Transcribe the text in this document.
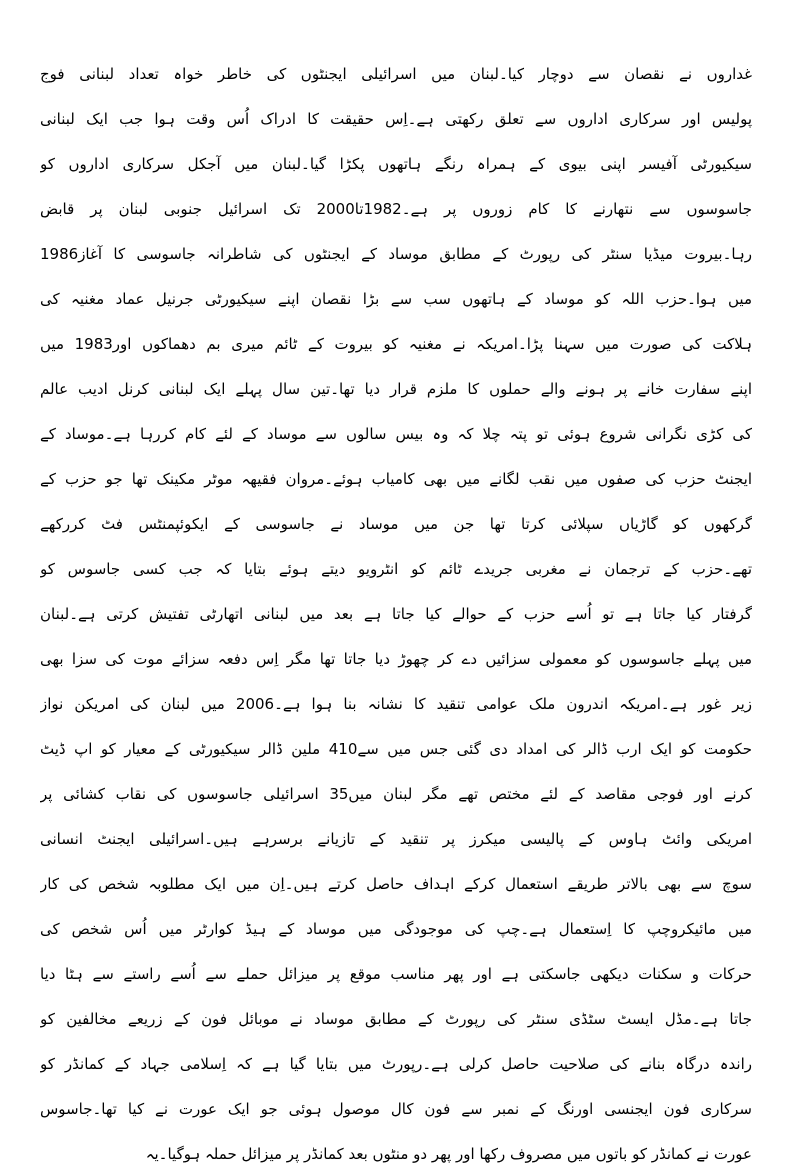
غداروں نے نقصان سے دوچار کیا۔لبنان میں اسرائیلی ایجنٹوں کی خاطر خواہ تعداد لبنانی فوج
پولیس اور سرکاری اداروں سے تعلق رکھتی ہے۔اِس حقیقت کا ادراک اُس وقت ہوا جب ایک لبنانی
سیکیورٹی آفیسر اپنی بیوی کے ہمراہ رنگے ہاتھوں پکڑا گیا۔لبنان میں آجکل سرکاری اداروں کو
جاسوسوں سے نتھارنے کا کام زوروں پر ہے۔1982تا2000 تک اسرائیل جنوبی لبنان پر قابض
رہا۔بیروت میڈیا سنٹر کی رپورٹ کے مطابق موساد کے ایجنٹوں کی شاطرانہ جاسوسی کا آغاز1986
میں ہوا۔حزب اللہ کو موساد کے ہاتھوں سب سے بڑا نقصان اپنے سیکیورٹی جرنیل عماد مغنیہ کی
ہلاکت کی صورت میں سہنا پڑا۔امریکہ نے مغنیہ کو بیروت کے ٹائم میری بم دھماکوں اور1983 میں
اپنے سفارت خانے پر ہونے والے حملوں کا ملزم قرار دیا تھا۔تین سال پہلے ایک لبنانی کرنل ادیب عالم
کی کڑی نگرانی شروع ہوئی تو پتہ چلا کہ وہ بیس سالوں سے موساد کے لئے کام کررہا ہے۔موساد کے
ایجنٹ حزب کی صفوں میں نقب لگانے میں بھی کامیاب ہوئے۔مروان فقیھہ موٹر مکینک تھا جو حزب کے
گرکھوں کو گاڑیاں سپلائی کرتا تھا جن میں موساد نے جاسوسی کے ایکوئپمنٹس فٹ کررکھے
تھے۔حزب کے ترجمان نے مغربی جریدے ٹائم کو انٹرویو دیتے ہوئے بتایا کہ جب کسی جاسوس کو
گرفتار کیا جاتا ہے تو اُسے حزب کے حوالے کیا جاتا ہے بعد میں لبنانی اتھارٹی تفتیش کرتی ہے۔لبنان
میں پہلے جاسوسوں کو معمولی سزائیں دے کر چھوڑ دیا جاتا تھا مگر اِس دفعہ سزائے موت کی سزا بھی
زیر غور ہے۔امریکہ اندرون ملک عوامی تنقید کا نشانہ بنا ہوا ہے۔2006 میں لبنان کی امریکن نواز
حکومت کو ایک ارب ڈالر کی امداد دی گئی جس میں سے410 ملین ڈالر سیکیورٹی کے معیار کو اپ ڈیٹ
کرنے اور فوجی مقاصد کے لئے مختص تھے مگر لبنان میں35 اسرائیلی جاسوسوں کی نقاب کشائی پر
امریکی وائٹ ہاوس کے پالیسی میکرز پر تنقید کے تازیانے برسرہے ہیں۔اسرائیلی ایجنٹ انسانی
سوچ سے بھی بالاتر طریقے استعمال کرکے اہداف حاصل کرتے ہیں۔اِن میں ایک مطلوبہ شخص کی کار
میں مائیکروچپ کا اِستعمال ہے۔چپ کی موجودگی میں موساد کے ہیڈ کوارٹر میں اُس شخص کی
حرکات و سکنات دیکھی جاسکتی ہے اور پھر مناسب موقع پر میزائل حملے سے اُسے راستے سے ہٹا دیا
جاتا ہے۔مڈل ایسٹ سٹڈی سنٹر کی رپورٹ کے مطابق موساد نے موبائل فون کے زریعے مخالفین کو
راندہ درگاہ بنانے کی صلاحیت حاصل کرلی ہے۔رپورٹ میں بتایا گیا ہے کہ اِسلامی جہاد کے کمانڈر کو
سرکاری فون ایجنسی اورنگ کے نمبر سے فون کال موصول ہوئی جو ایک عورت نے کیا تھا۔جاسوس
عورت نے کمانڈر کو باتوں میں مصروف رکھا اور پھر دو منٹوں بعد کمانڈر پر میزائل حملہ ہوگیا۔یہ
